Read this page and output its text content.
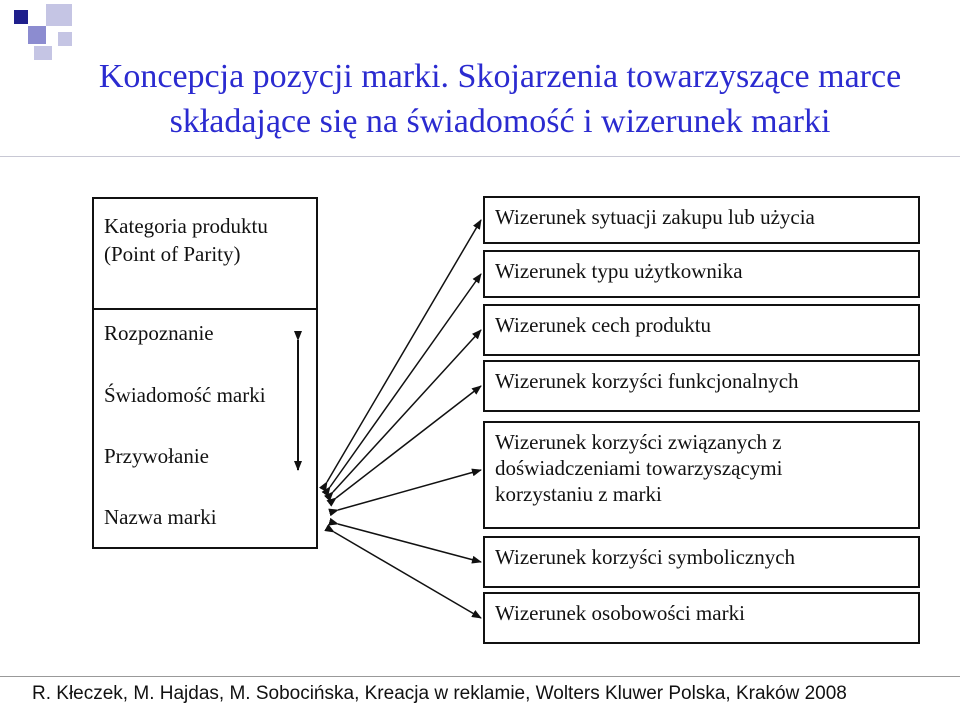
Koncepcja pozycji marki. Skojarzenia towarzyszące marce
składające się na świadomość i wizerunek marki
Kategoria produktu
(Point of Parity)
Rozpoznanie
Świadomość marki
Przywołanie
Nazwa marki
Wizerunek sytuacji zakupu lub użycia
Wizerunek typu użytkownika
Wizerunek cech produktu
Wizerunek korzyści funkcjonalnych
Wizerunek korzyści związanych z
doświadczeniami towarzyszącymi
korzystaniu z marki
Wizerunek korzyści symbolicznych
Wizerunek osobowości marki
R. Kłeczek, M. Hajdas, M. Sobocińska, Kreacja w reklamie, Wolters Kluwer Polska, Kraków 2008
